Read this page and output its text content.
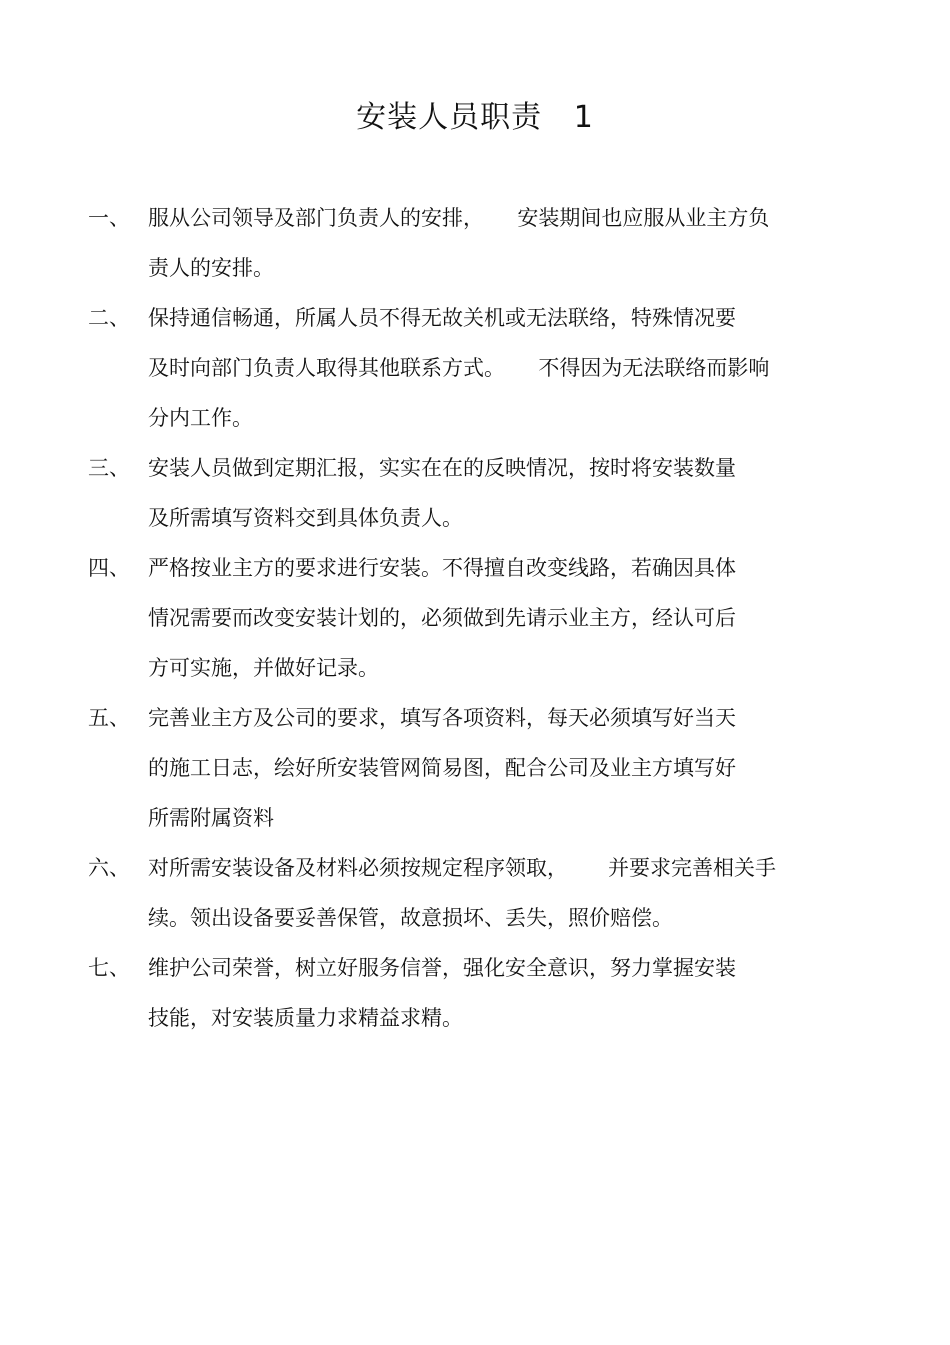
安装人员职责   1
一、 服从公司领导及部门负责人的安排，     安装期间也应服从业主方负
责人的安排。
二、 保持通信畅通，所属人员不得无故关机或无法联络，特殊情况要
及时向部门负责人取得其他联系方式。     不得因为无法联络而影响
分内工作。
三、 安装人员做到定期汇报，实实在在的反映情况，按时将安装数量
及所需填写资料交到具体负责人。
四、 严格按业主方的要求进行安装。不得擅自改变线路，若确因具体
情况需要而改变安装计划的，必须做到先请示业主方，经认可后
方可实施，并做好记录。
五、 完善业主方及公司的要求，填写各项资料，每天必须填写好当天
的施工日志，绘好所安装管网简易图，配合公司及业主方填写好
所需附属资料
六、 对所需安装设备及材料必须按规定程序领取，      并要求完善相关手
续。领出设备要妥善保管，故意损坏、丢失，照价赔偿。
七、 维护公司荣誉，树立好服务信誉，强化安全意识，努力掌握安装
技能，对安装质量力求精益求精。
